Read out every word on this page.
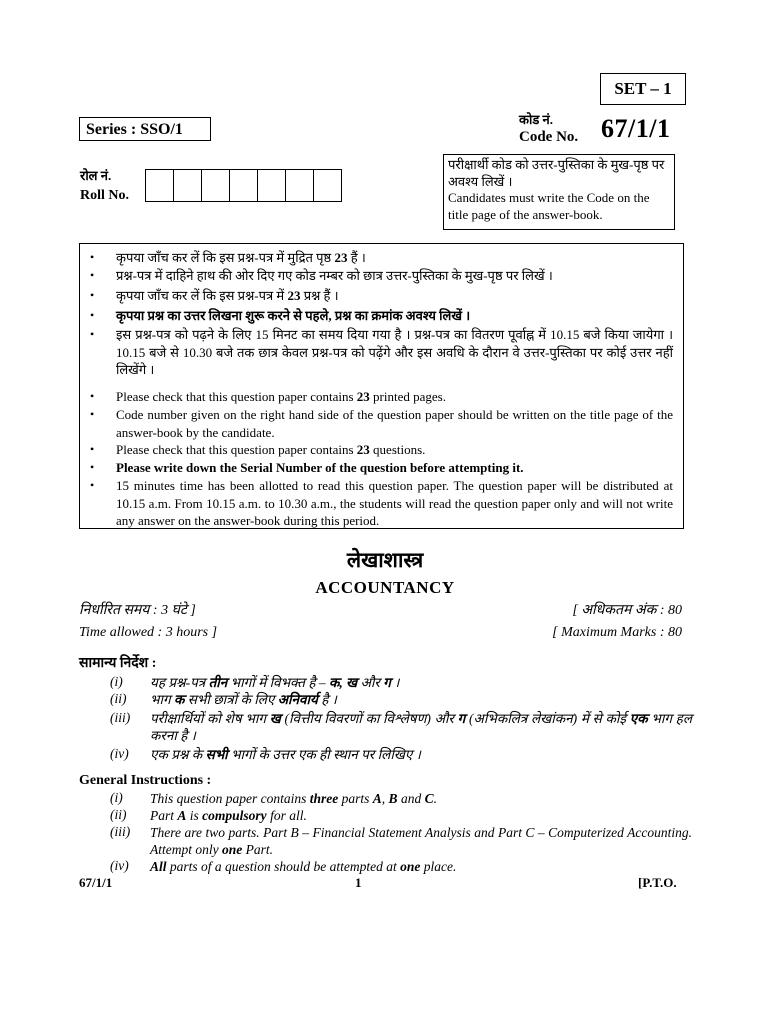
SET – 1
Series : SSO/1
कोड नं.
Code No. 67/1/1
रोल नं.
Roll No.
परीक्षार्थी कोड को उत्तर-पुस्तिका के मुख-पृष्ठ पर अवश्य लिखें ।
Candidates must write the Code on the title page of the answer-book.
• कृपया जाँच कर लें कि इस प्रश्न-पत्र में मुद्रित पृष्ठ 23 हैं ।
• प्रश्न-पत्र में दाहिने हाथ की ओर दिए गए कोड नम्बर को छात्र उत्तर-पुस्तिका के मुख-पृष्ठ पर लिखें ।
• कृपया जाँच कर लें कि इस प्रश्न-पत्र में 23 प्रश्न हैं ।
• कृपया प्रश्न का उत्तर लिखना शुरू करने से पहले, प्रश्न का क्रमांक अवश्य लिखें ।
• इस प्रश्न-पत्र को पढ़ने के लिए 15 मिनट का समय दिया गया है । प्रश्न-पत्र का वितरण पूर्वाह्न में 10.15 बजे किया जायेगा । 10.15 बजे से 10.30 बजे तक छात्र केवल प्रश्न-पत्र को पढ़ेंगे और इस अवधि के दौरान वे उत्तर-पुस्तिका पर कोई उत्तर नहीं लिखेंगे ।
• Please check that this question paper contains 23 printed pages.
• Code number given on the right hand side of the question paper should be written on the title page of the answer-book by the candidate.
• Please check that this question paper contains 23 questions.
• Please write down the Serial Number of the question before attempting it.
• 15 minutes time has been allotted to read this question paper. The question paper will be distributed at 10.15 a.m. From 10.15 a.m. to 10.30 a.m., the students will read the question paper only and will not write any answer on the answer-book during this period.
लेखाशास्त्र
ACCOUNTANCY
निर्धारित समय : 3 घंटे ]	[ अधिकतम अंक : 80
Time allowed : 3 hours ]	[ Maximum Marks : 80
सामान्य निर्देश :
(i) यह प्रश्न-पत्र तीन भागों में विभक्त है – क, ख और ग ।
(ii) भाग क सभी छात्रों के लिए अनिवार्य है ।
(iii) परीक्षार्थियों को शेष भाग ख (वित्तीय विवरणों का विश्लेषण) और ग (अभिकलित्र लेखांकन) में से कोई एक भाग हल करना है ।
(iv) एक प्रश्न के सभी भागों के उत्तर एक ही स्थान पर लिखिए ।
General Instructions :
(i) This question paper contains three parts A, B and C.
(ii) Part A is compulsory for all.
(iii) There are two parts. Part B – Financial Statement Analysis and Part C – Computerized Accounting. Attempt only one Part.
(iv) All parts of a question should be attempted at one place.
67/1/1	1	[P.T.O.
